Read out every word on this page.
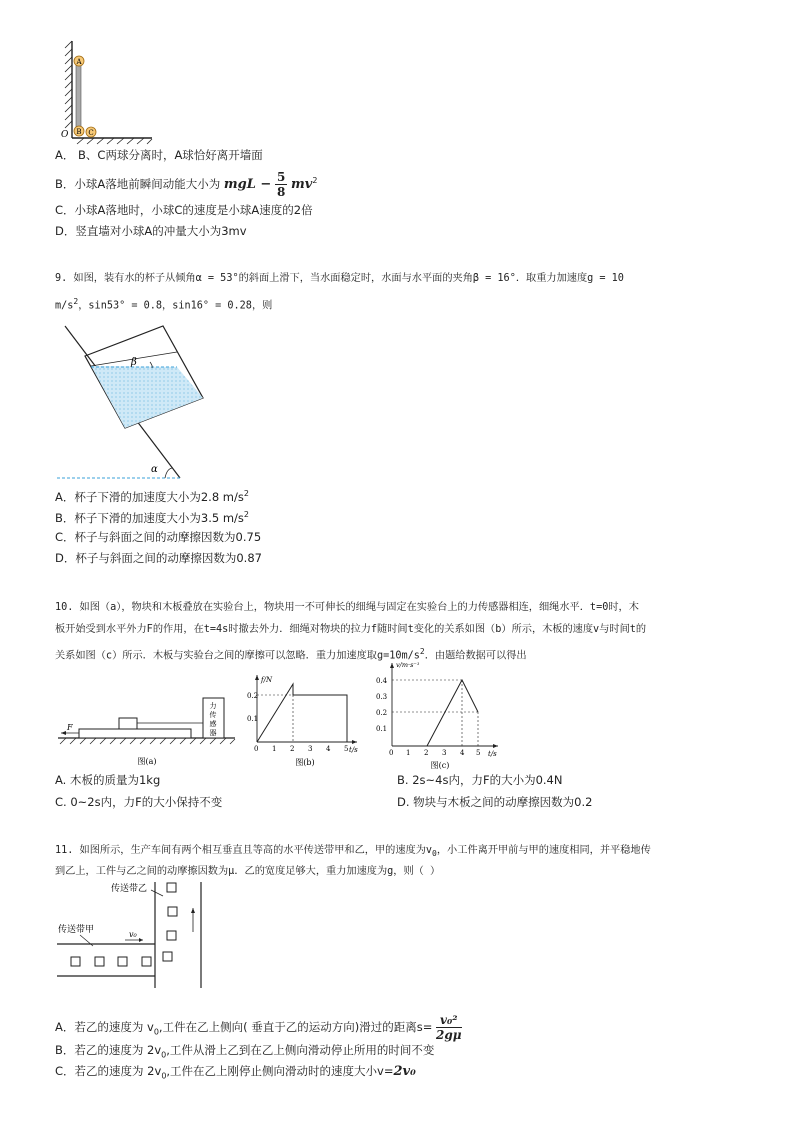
A
B C
O
A． B、C两球分离时，A球恰好离开墙面
B．小球A落地前瞬间动能大小为 mgL − $\frac{5}{8} mv^2$
C．小球A落地时，小球C的速度是小球A速度的2倍
D．竖直墙对小球A的冲量大小为3mv
9. 如图，装有水的杯子从倾角α = 53°的斜面上滑下，当水面稳定时，水面与水平面的夹角β = 16°．取重力加速度g = 10
$m/s^2$，sin53° = 0.8，sin16° = 0.28，则
β
α
A．杯子下滑的加速度大小为2.8 $m/s^2$
B．杯子下滑的加速度大小为3.5 $m/s^2$
C．杯子与斜面之间的动摩擦因数为0.75
D．杯子与斜面之间的动摩擦因数为0.87
10. 如图（a），物块和木板叠放在实验台上，物块用一不可伸长的细绳与固定在实验台上的力传感器相连，细绳水平．t=0时，木
板开始受到水平外力F的作用，在t=4s时撤去外力．细绳对物块的拉力f随时间t变化的关系如图（b）所示，木板的速度v与时间t的
关系如图（c）所示．木板与实验台之间的摩擦可以忽略．重力加速度取$g=10m/s^2$．由题给数据可以得出
力
传
感
器
F
图(a)
f/N
t/s
0.2
0.1
0 1 2 3 4 5
图(b)
v/m·s⁻¹
t/s
0.4
0.3
0.2
0.1
0 1 2 3 4 5
图(c)
A. 木板的质量为1kg	B. 2s~4s内，力F的大小为0.4N
C. 0~2s内，力F的大小保持不变	D. 物块与木板之间的动摩擦因数为0.2
11. 如图所示，生产车间有两个相互垂直且等高的水平传送带甲和乙，甲的速度为$v_0$，小工件离开甲前与甲的速度相同，并平稳地传
到乙上，工件与乙之间的动摩擦因数为μ．乙的宽度足够大，重力加速度为g，则（ ）
传送带乙
传送带甲	v₀
A．若乙的速度为 $v_0$,工件在乙上侧向( 垂直于乙的运动方向)滑过的距离$s= \frac{\text{v₀²}}{2g\mu}$
B．若乙的速度为 $2v_0$,工件从滑上乙到在乙上侧向滑动停止所用的时间不变
C．若乙的速度为 $2v_0$,工件在乙上刚停止侧向滑动时的速度大小v=2v₀
